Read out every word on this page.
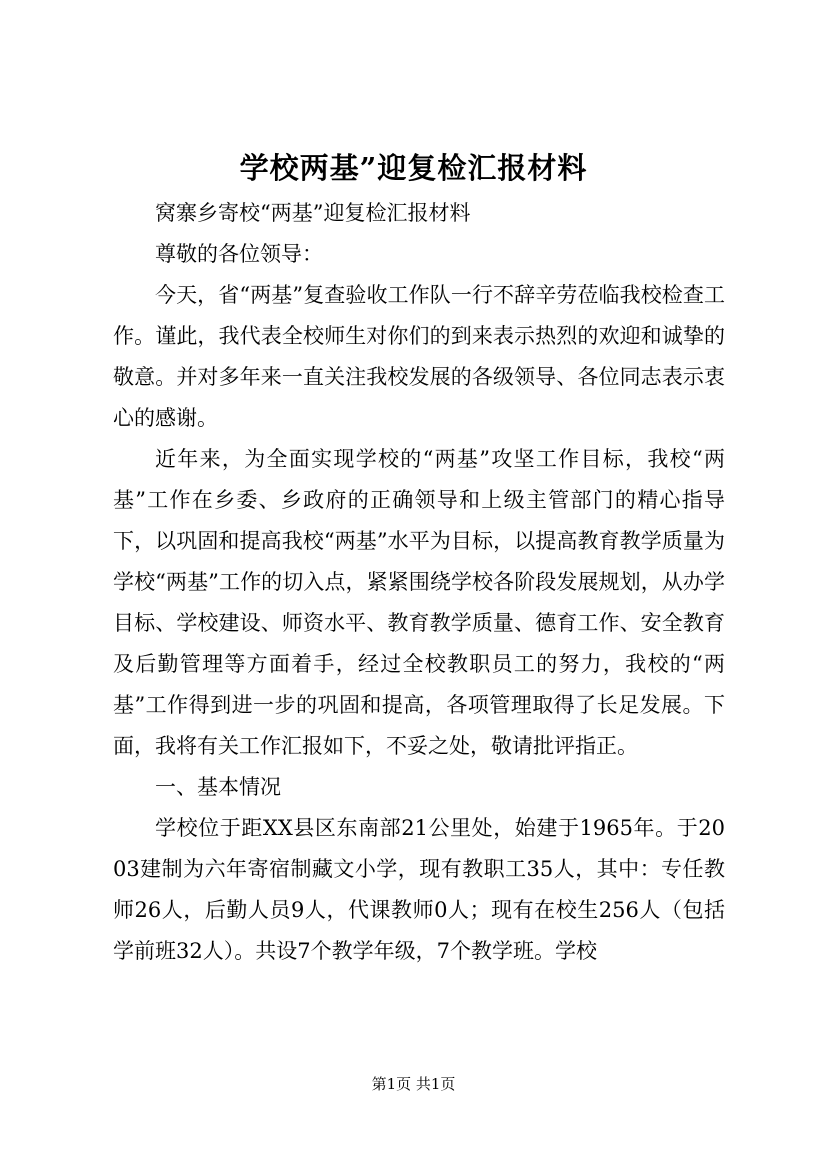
学校两基”迎复检汇报材料

窝寨乡寄校“两基”迎复检汇报材料

尊敬的各位领导：

今天，省“两基”复查验收工作队一行不辞辛劳莅临我校检查工作。谨此，我代表全校师生对你们的到来表示热烈的欢迎和诚挚的敬意。并对多年来一直关注我校发展的各级领导、各位同志表示衷心的感谢。

近年来，为全面实现学校的“两基”攻坚工作目标，我校“两基”工作在乡委、乡政府的正确领导和上级主管部门的精心指导下，以巩固和提高我校“两基”水平为目标，以提高教育教学质量为学校“两基”工作的切入点，紧紧围绕学校各阶段发展规划，从办学目标、学校建设、师资水平、教育教学质量、德育工作、安全教育及后勤管理等方面着手，经过全校教职员工的努力，我校的“两基”工作得到进一步的巩固和提高，各项管理取得了长足发展。下面，我将有关工作汇报如下，不妥之处，敬请批评指正。

一、基本情况

学校位于距XX县区东南部21公里处，始建于1965年。于2003建制为六年寄宿制藏文小学，现有教职工35人，其中：专任教师26人，后勤人员9人，代课教师0人；现有在校生256人（包括学前班32人）。共设7个教学年级，7个教学班。学校

第1页 共1页
